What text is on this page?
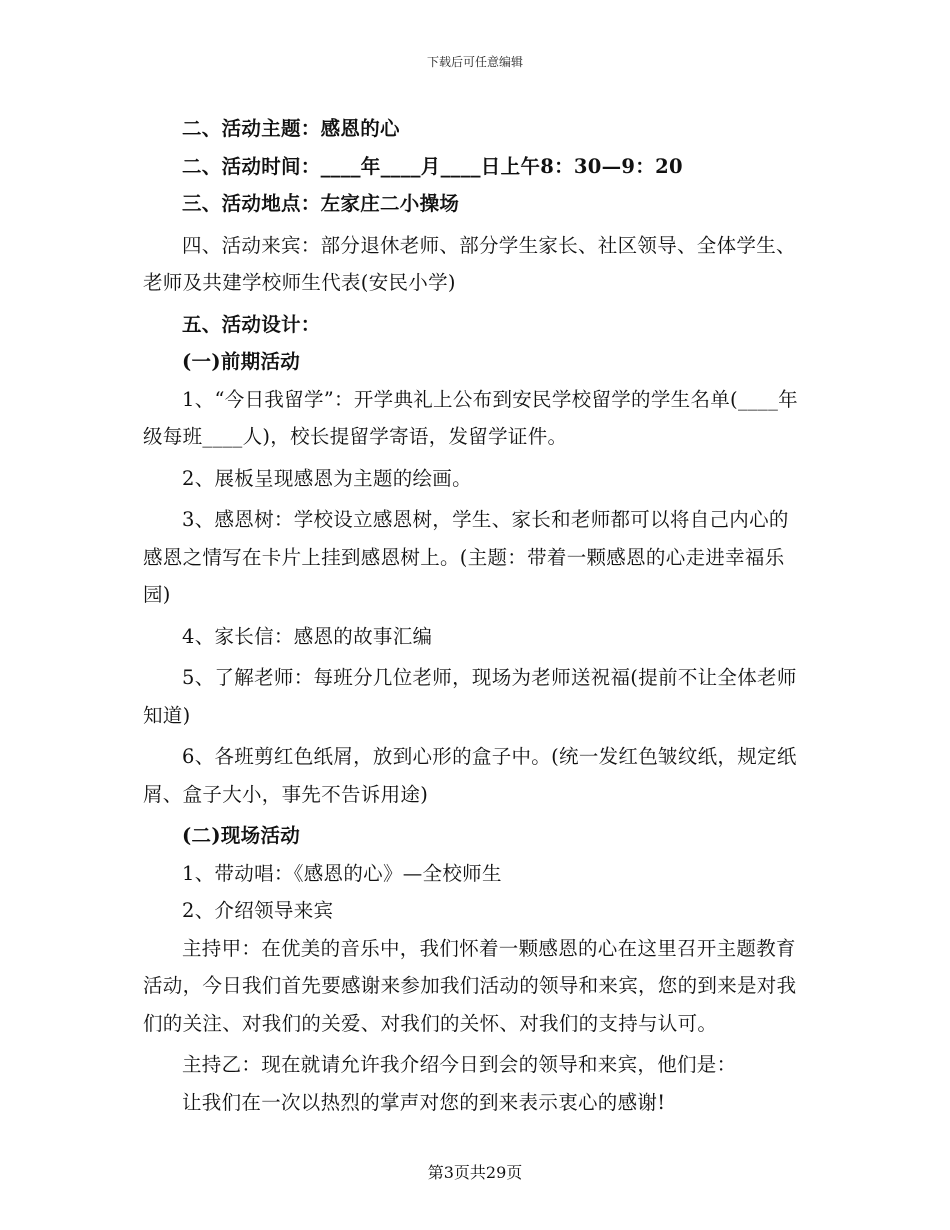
下载后可任意编辑

二、活动主题：感恩的心

二、活动时间：____年____月____日上午8：30—9：20

三、活动地点：左家庄二小操场

四、活动来宾：部分退休老师、部分学生家长、社区领导、全体学生、老师及共建学校师生代表(安民小学)

五、活动设计：

(一)前期活动

1、“今日我留学”：开学典礼上公布到安民学校留学的学生名单(____年级每班____人)，校长提留学寄语，发留学证件。

2、展板呈现感恩为主题的绘画。

3、感恩树：学校设立感恩树，学生、家长和老师都可以将自己内心的感恩之情写在卡片上挂到感恩树上。(主题：带着一颗感恩的心走进幸福乐园)

4、家长信：感恩的故事汇编

5、了解老师：每班分几位老师，现场为老师送祝福(提前不让全体老师知道)

6、各班剪红色纸屑，放到心形的盒子中。(统一发红色皱纹纸，规定纸屑、盒子大小，事先不告诉用途)

(二)现场活动

1、带动唱：《感恩的心》—全校师生

2、介绍领导来宾

主持甲：在优美的音乐中，我们怀着一颗感恩的心在这里召开主题教育活动，今日我们首先要感谢来参加我们活动的领导和来宾，您的到来是对我们的关注、对我们的关爱、对我们的关怀、对我们的支持与认可。

主持乙：现在就请允许我介绍今日到会的领导和来宾，他们是：

让我们在一次以热烈的掌声对您的到来表示衷心的感谢!

第3页共29页
